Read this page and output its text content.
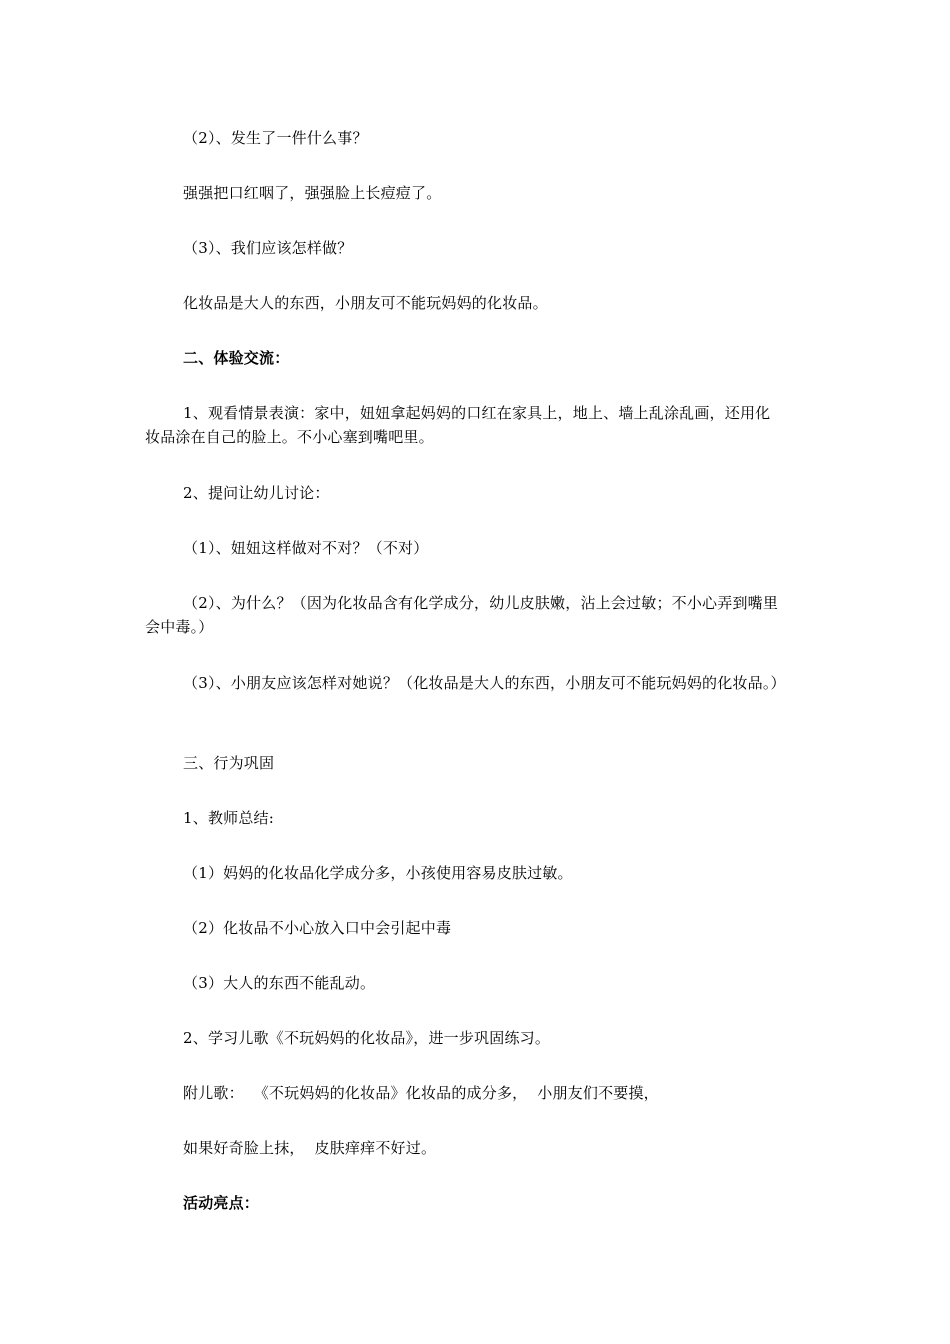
（2）、发生了一件什么事？
强强把口红咽了，强强脸上长痘痘了。
（3）、我们应该怎样做？
化妆品是大人的东西，小朋友可不能玩妈妈的化妆品。
二、体验交流：
1、观看情景表演：家中，妞妞拿起妈妈的口红在家具上，地上、墙上乱涂乱画，还用化妆品涂在自己的脸上。不小心塞到嘴吧里。
2、提问让幼儿讨论：
（1）、妞妞这样做对不对？（不对）
（2）、为什么？（因为化妆品含有化学成分，幼儿皮肤嫩，沾上会过敏；不小心弄到嘴里会中毒。）
（3）、小朋友应该怎样对她说？（化妆品是大人的东西，小朋友可不能玩妈妈的化妆品。）
三、行为巩固
1、教师总结:
（1）妈妈的化妆品化学成分多，小孩使用容易皮肤过敏。
（2）化妆品不小心放入口中会引起中毒
（3）大人的东西不能乱动。
2、学习儿歌《不玩妈妈的化妆品》，进一步巩固练习。
附儿歌：  《不玩妈妈的化妆品》化妆品的成分多，  小朋友们不要摸，
如果好奇脸上抹，  皮肤痒痒不好过。
活动亮点：
